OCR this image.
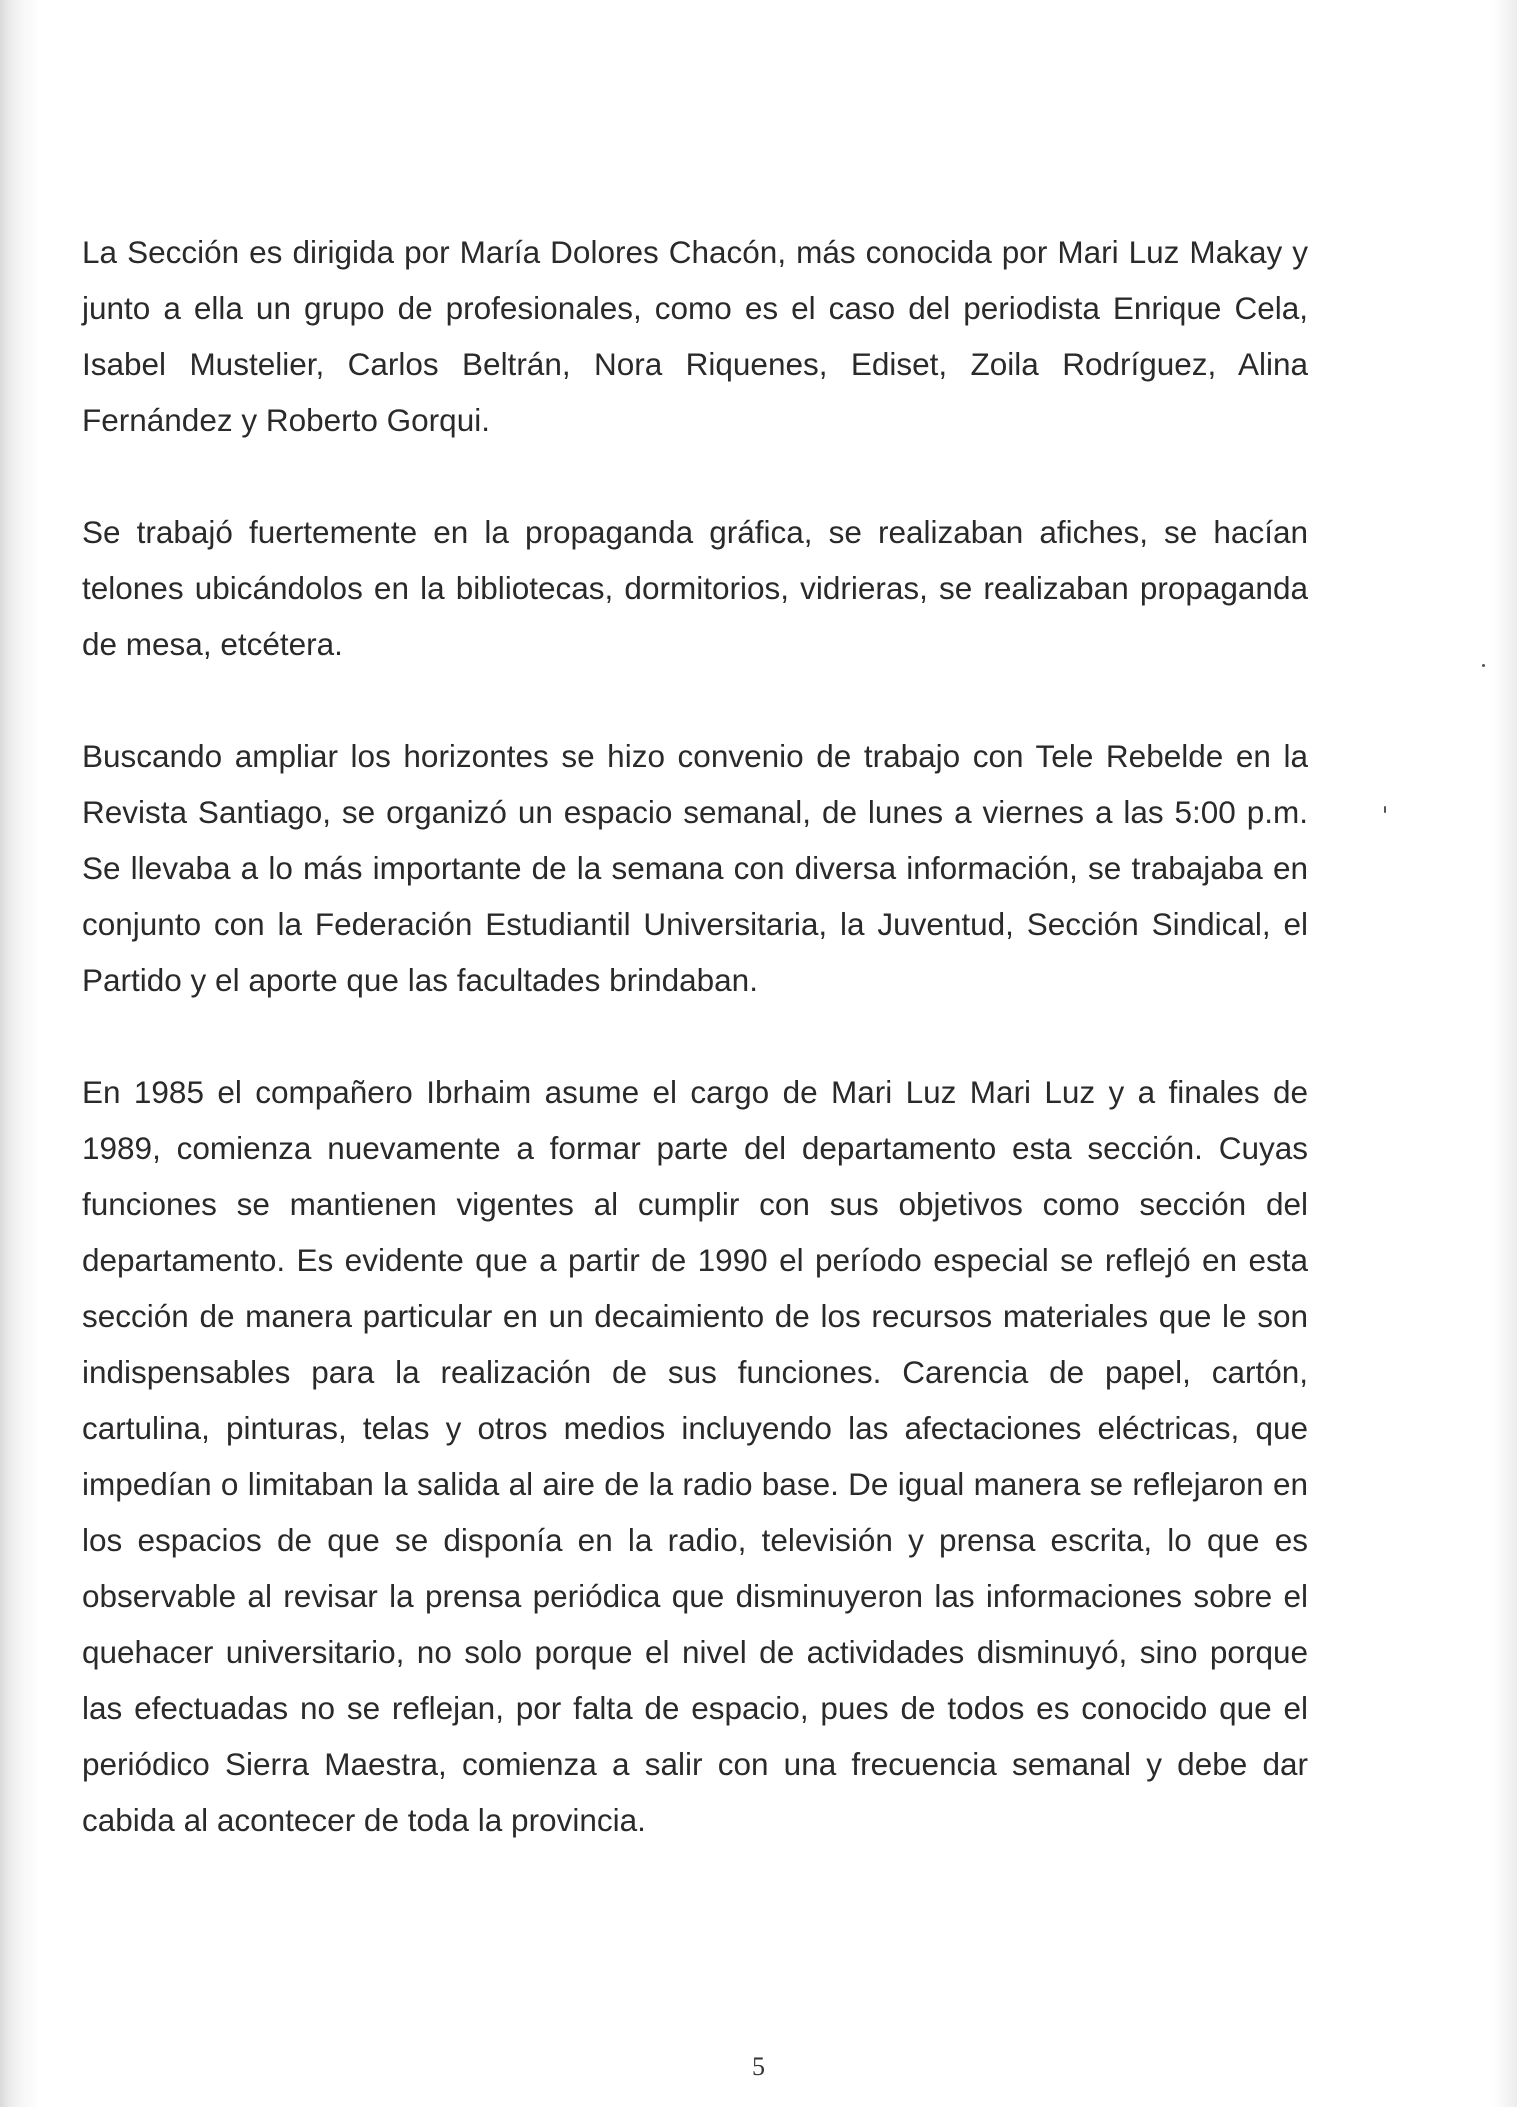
La Sección es dirigida por María Dolores Chacón, más conocida por Mari Luz Makay y junto a ella un grupo de profesionales, como es el caso del periodista Enrique Cela, Isabel Mustelier, Carlos Beltrán, Nora Riquenes, Ediset, Zoila Rodríguez, Alina Fernández y Roberto Gorqui.

Se trabajó fuertemente en la propaganda gráfica, se realizaban afiches, se hacían telones ubicándolos en la bibliotecas, dormitorios, vidrieras, se realizaban propaganda de mesa, etcétera.

Buscando ampliar los horizontes se hizo convenio de trabajo con Tele Rebelde en la Revista Santiago, se organizó un espacio semanal, de lunes a viernes a las 5:00 p.m. Se llevaba a lo más importante de la semana con diversa información, se trabajaba en conjunto con la Federación Estudiantil Universitaria, la Juventud, Sección Sindical, el Partido y el aporte que las facultades brindaban.

En 1985 el compañero Ibrhaim asume el cargo de Mari Luz Mari Luz y a finales de 1989, comienza nuevamente a formar parte del departamento esta sección. Cuyas funciones se mantienen vigentes al cumplir con sus objetivos como sección del departamento. Es evidente que a partir de 1990 el período especial se reflejó en esta sección de manera particular en un decaimiento de los recursos materiales que le son indispensables para la realización de sus funciones. Carencia de papel, cartón, cartulina, pinturas, telas y otros medios incluyendo las afectaciones eléctricas, que impedían o limitaban la salida al aire de la radio base. De igual manera se reflejaron en los espacios de que se disponía en la radio, televisión y prensa escrita, lo que es observable al revisar la prensa periódica que disminuyeron las informaciones sobre el quehacer universitario, no solo porque el nivel de actividades disminuyó, sino porque las efectuadas no se reflejan, por falta de espacio, pues de todos es conocido que el periódico Sierra Maestra, comienza a salir con una frecuencia semanal y debe dar cabida al acontecer de toda la provincia.

5
